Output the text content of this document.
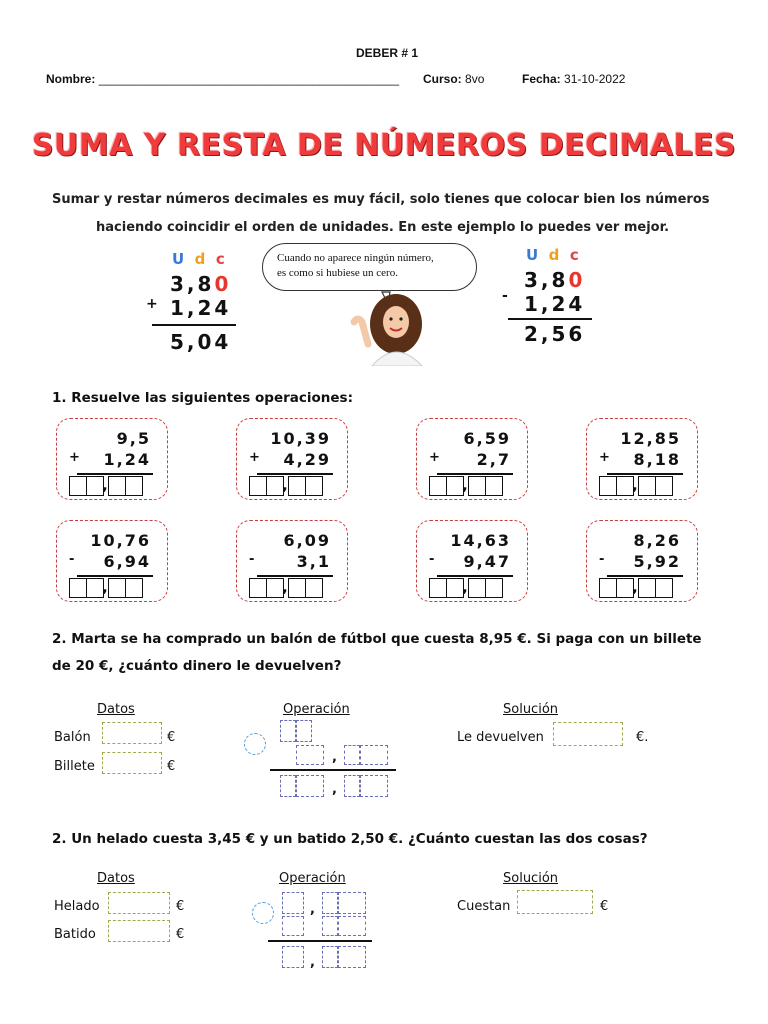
DEBER # 1
Nombre: _____________________________________________ Curso: 8vo	Fecha: 31-10-2022
SUMA Y RESTA DE NÚMEROS DECIMALES
Sumar y restar números decimales es muy fácil, solo tienes que colocar bien los números
haciendo coincidir el orden de unidades. En este ejemplo lo puedes ver mejor.
U d c
3,80
+ 1,24
5,04
Cuando no aparece ningún número,
es como si hubiese un cero.
U d c
3,80
- 1,24
2,56
1. Resuelve las siguientes operaciones:
9,5
+ 1,24
,
10,39
+ 4,29
,
6,59
+ 2,7
,
12,85
+ 8,18
,
10,76
- 6,94
,
6,09
-	3,1
,
14,63
- 9,47
,
8,26
- 5,92
,
2. Marta se ha comprado un balón de fútbol que cuesta 8,95 €. Si paga con un billete
de 20 €, ¿cuánto dinero le devuelven?
Datos	Operación	Solución
Balón	€
Billete	€
,
,
Le devuelven	€.
2. Un helado cuesta 3,45 € y un batido 2,50 €. ¿Cuánto cuestan las dos cosas?
Datos	Operación	Solución
Helado	€
Batido	€
,
,
Cuestan	€
